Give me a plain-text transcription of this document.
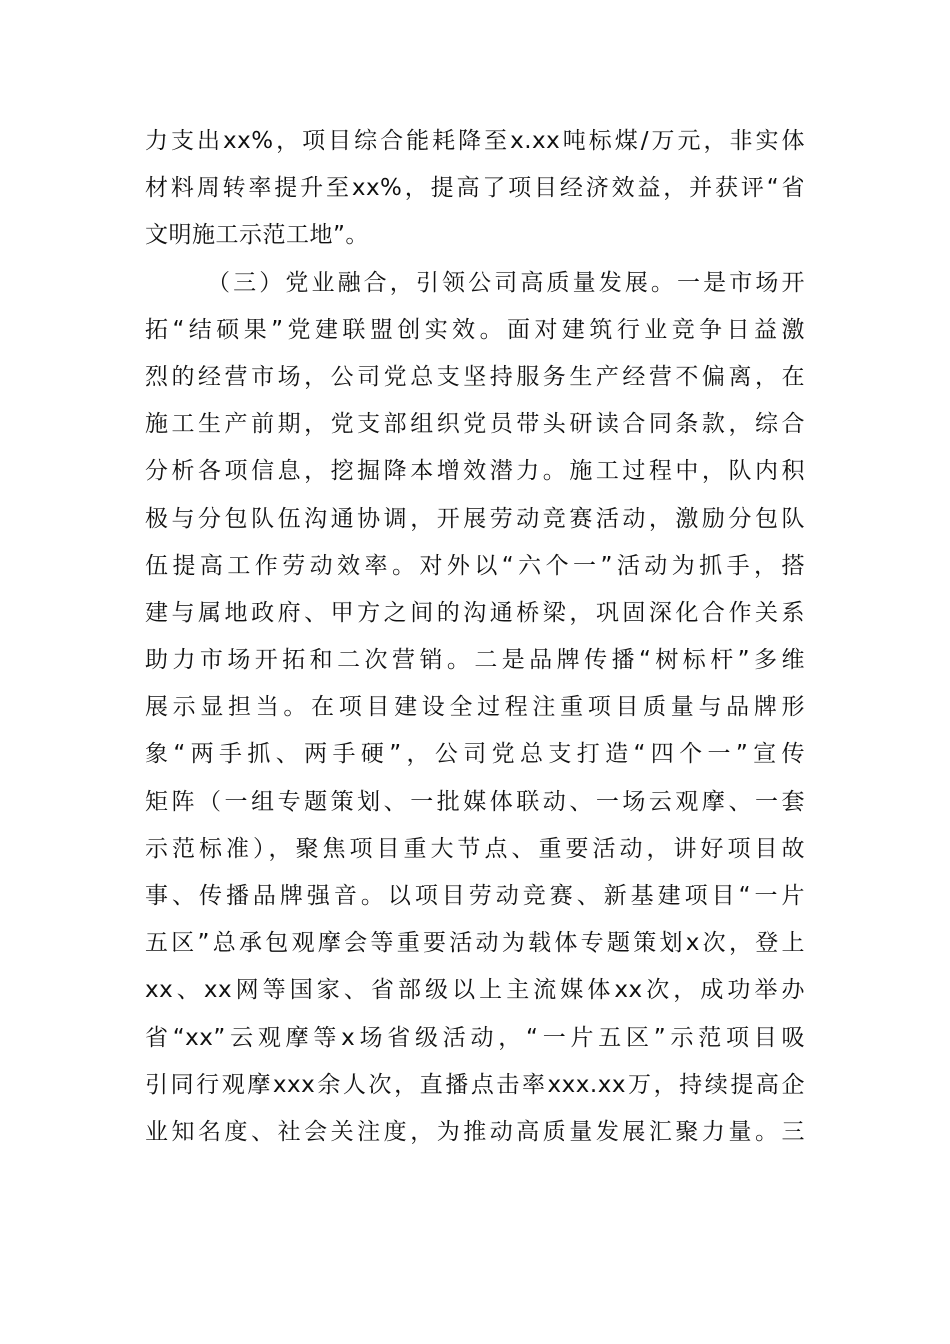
力支出xx%，项目综合能耗降至x.xx吨标煤/万元，非实体
材料周转率提升至xx%，提高了项目经济效益，并获评“省
文明施工示范工地”。
（三）党业融合，引领公司高质量发展。一是市场开
拓“结硕果”党建联盟创实效。面对建筑行业竞争日益激
烈的经营市场，公司党总支坚持服务生产经营不偏离，在
施工生产前期，党支部组织党员带头研读合同条款，综合
分析各项信息，挖掘降本增效潜力。施工过程中，队内积
极与分包队伍沟通协调，开展劳动竞赛活动，激励分包队
伍提高工作劳动效率。对外以“六个一”活动为抓手，搭
建与属地政府、甲方之间的沟通桥梁，巩固深化合作关系
助力市场开拓和二次营销。二是品牌传播“树标杆”多维
展示显担当。在项目建设全过程注重项目质量与品牌形
象“两手抓、两手硬”，公司党总支打造“四个一”宣传
矩阵（一组专题策划、一批媒体联动、一场云观摩、一套
示范标准），聚焦项目重大节点、重要活动，讲好项目故
事、传播品牌强音。以项目劳动竞赛、新基建项目“一片
五区”总承包观摩会等重要活动为载体专题策划x次，登上
xx、xx网等国家、省部级以上主流媒体xx次，成功举办
省“xx”云观摩等x场省级活动，“一片五区”示范项目吸
引同行观摩xxx余人次，直播点击率xxx.xx万，持续提高企
业知名度、社会关注度，为推动高质量发展汇聚力量。三
